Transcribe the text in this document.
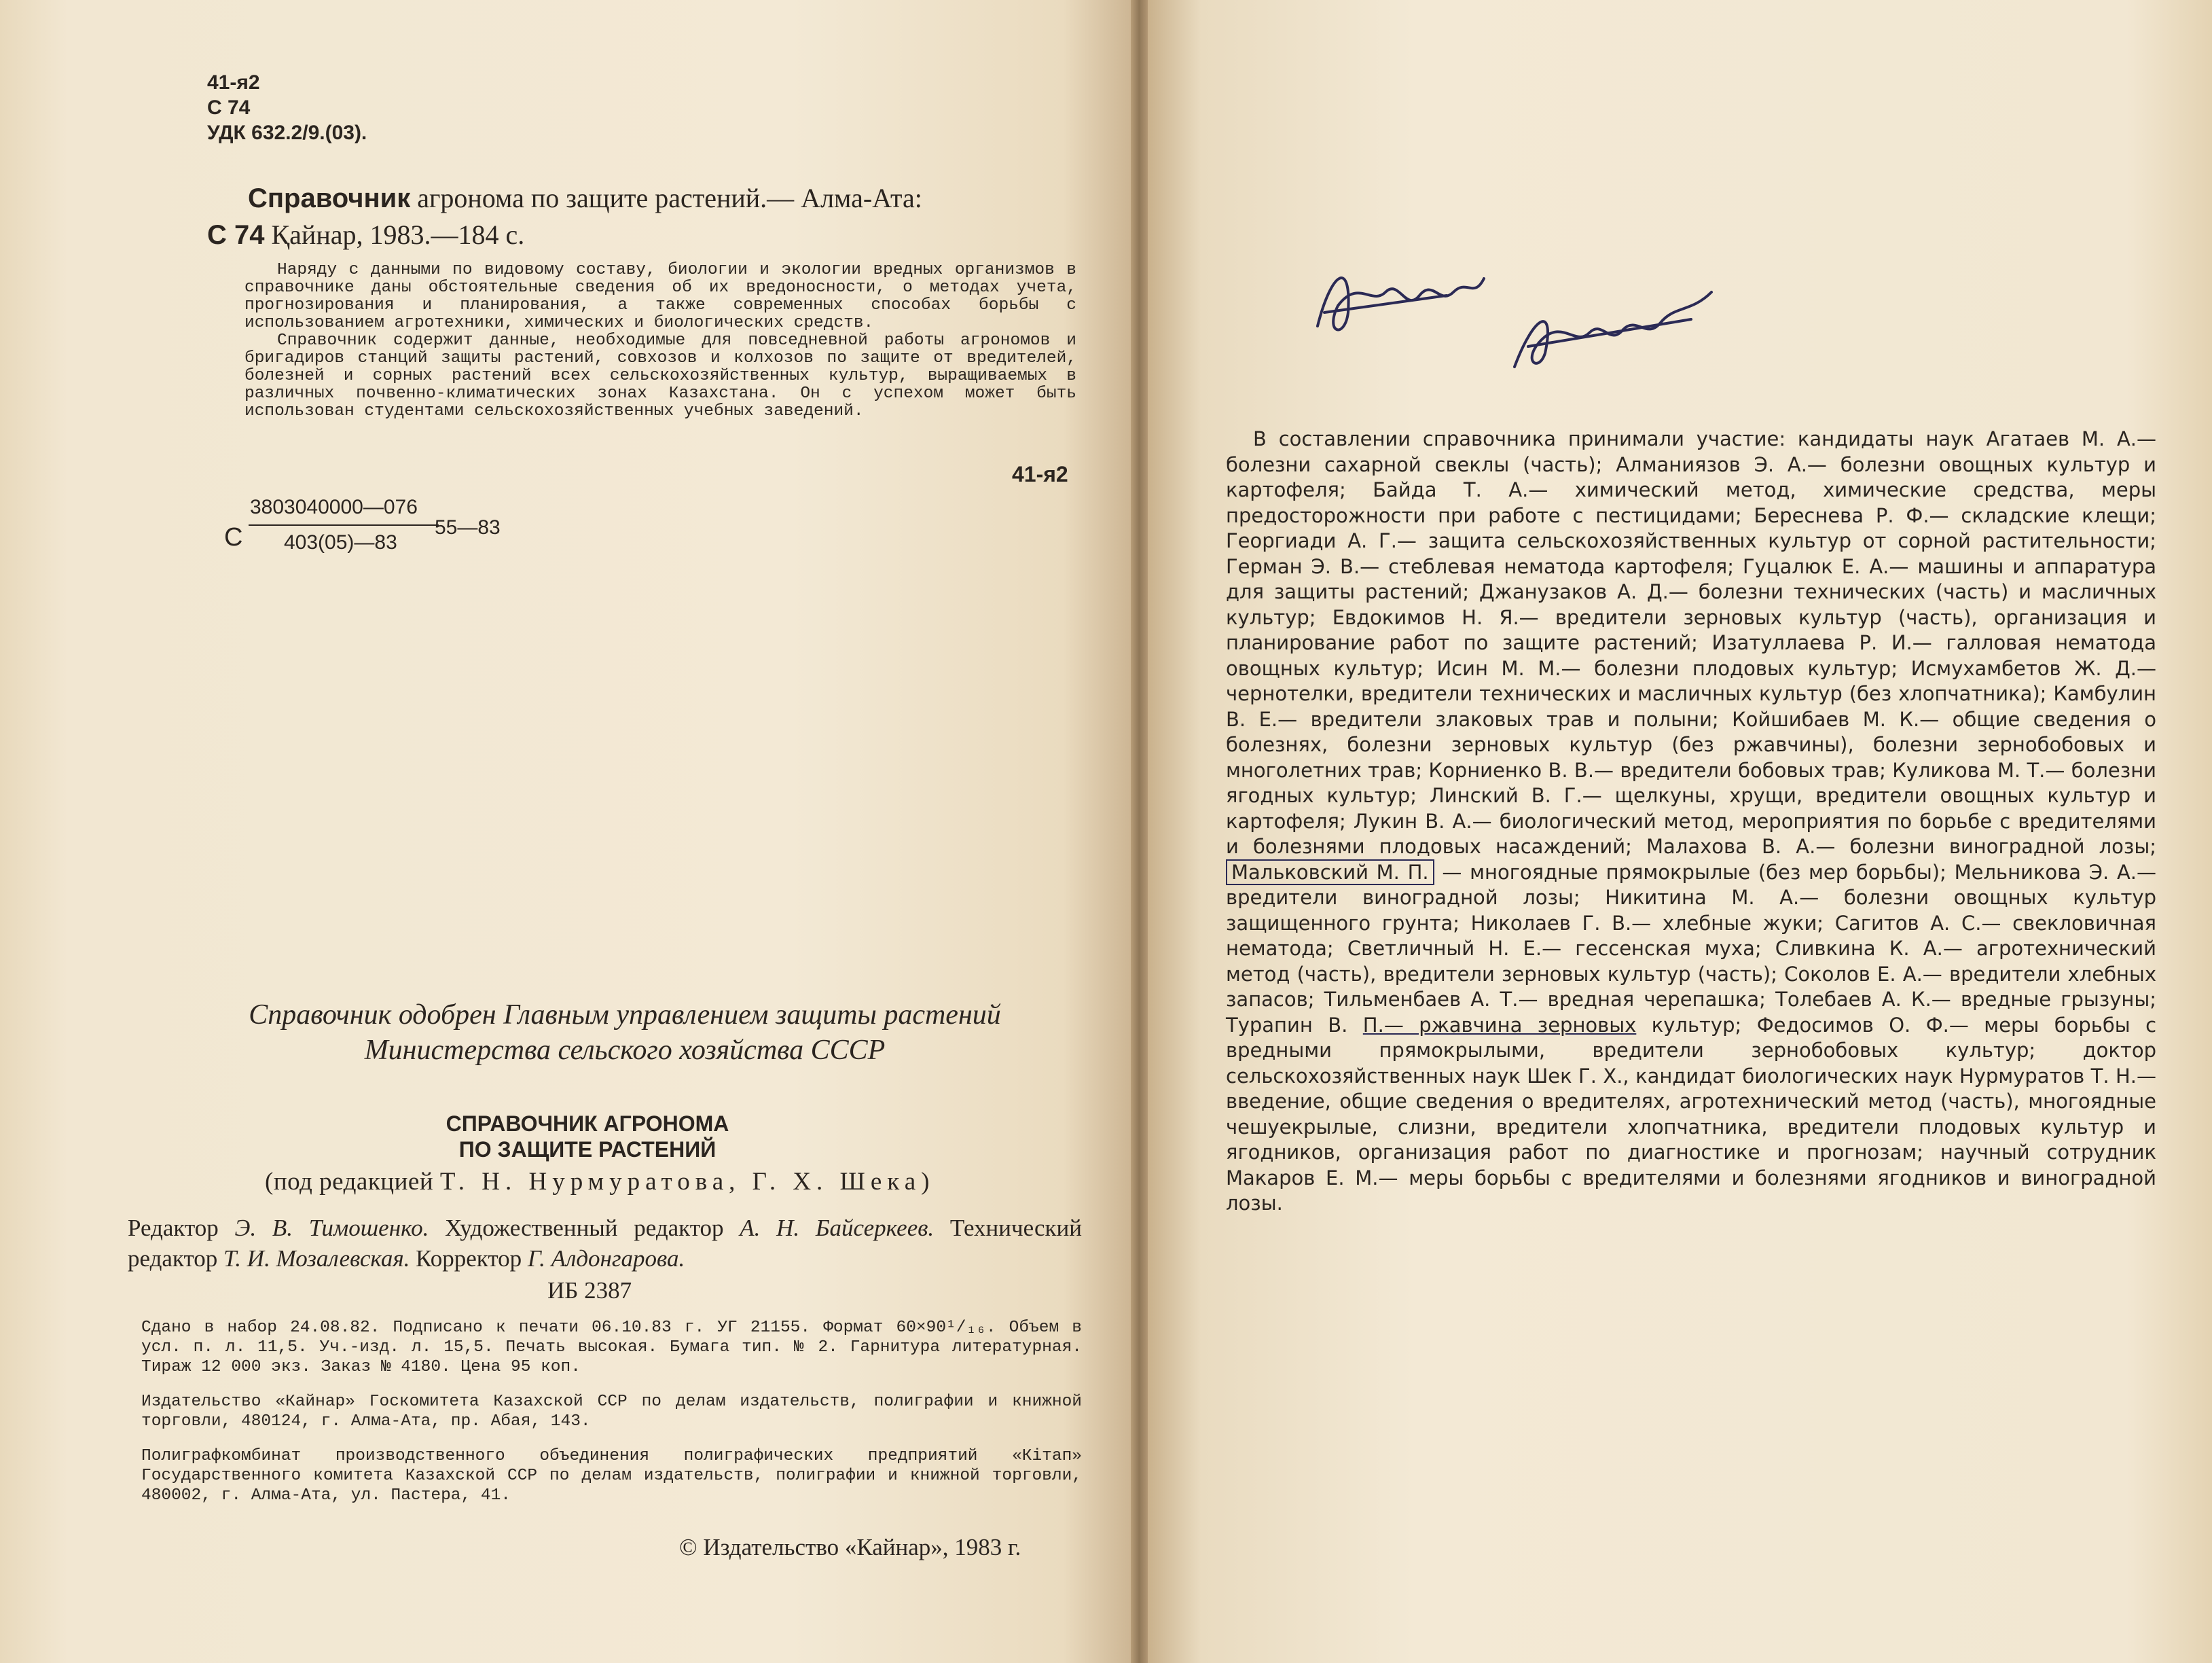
41-я2
С 74
УДК 632.2/9.(03).
Справочник агронома по защите растений.— Алма-Ата:
С 74 Қайнар, 1983.—184 с.

Наряду с данными по видовому составу, биологии и экологии вредных организмов в справочнике даны обстоятельные сведения об их вредоносности, о методах учета, прогнозирования и планирования, а также современных способах борьбы с использованием агротехники, химических и биологических средств.

Справочник содержит данные, необходимые для повседневной работы агрономов и бригадиров станций защиты растений, совхозов и колхозов по защите от вредителей, болезней и сорных растений всех сельскохозяйственных культур, выращиваемых в различных почвенно-климатических зонах Казахстана. Он с успехом может быть использован студентами сельскохозяйственных учебных заведений.

41-я2
С
3803040000—076
403(05)—83
55—83
Справочник одобрен Главным управлением защиты растений
Министерства сельского хозяйства СССР
СПРАВОЧНИК АГРОНОМА
ПО ЗАЩИТЕ РАСТЕНИЙ
(под редакцией Т. Н. Нурмуратова, Г. Х. Шека)
Редактор Э. В. Тимошенко. Художественный редактор А. Н. Байсеркеев. Технический редактор Т. И. Мозалевская. Корректор Г. Алдонгарова.
ИБ 2387

Сдано в набор 24.08.82. Подписано к печати 06.10.83 г. УГ 21155. Формат 60×90¹/₁₆. Объем в усл. п. л. 11,5. Уч.-изд. л. 15,5. Печать высокая. Бумага тип. № 2. Гарнитура литературная. Тираж 12 000 экз. Заказ № 4180. Цена 95 коп.

Издательство «Кайнар» Госкомитета Казахской ССР по делам издательств, полиграфии и книжной торговли, 480124, г. Алма-Ата, пр. Абая, 143.

Полиграфкомбинат производственного объединения полиграфических предприятий «Кітап» Государственного комитета Казахской ССР по делам издательств, полиграфии и книжной торговли, 480002, г. Алма-Ата, ул. Пастера, 41.

© Издательство «Кайнар», 1983 г.
В составлении справочника принимали участие: кандидаты наук Агатаев М. А.— болезни сахарной свеклы (часть); Алманиязов Э. А.— болезни овощных культур и картофеля; Байда Т. А.— химический метод, химические средства, меры предосторожности при работе с пестицидами; Береснева Р. Ф.— складские клещи; Георгиади А. Г.— защита сельскохозяйственных культур от сорной растительности; Герман Э. В.— стеблевая нематода картофеля; Гуцалюк Е. А.— машины и аппаратура для защиты растений; Джанузаков А. Д.— болезни технических (часть) и масличных культур; Евдокимов Н. Я.— вредители зерновых культур (часть), организация и планирование работ по защите растений; Изатуллаева Р. И.— галловая нематода овощных культур; Исин М. М.— болезни плодовых культур; Исмухамбетов Ж. Д.— чернотелки, вредители технических и масличных культур (без хлопчатника); Камбулин В. Е.— вредители злаковых трав и полыни; Койшибаев М. К.— общие сведения о болезнях, болезни зерновых культур (без ржавчины), болезни зернобобовых и многолетних трав; Корниенко В. В.— вредители бобовых трав; Куликова М. Т.— болезни ягодных культур; Линский В. Г.— щелкуны, хрущи, вредители овощных культур и картофеля; Лукин В. А.— биологический метод, мероприятия по борьбе с вредителями и болезнями плодовых насаждений; Малахова В. А.— болезни виноградной лозы; Мальковский М. П. — многоядные прямокрылые (без мер борьбы); Мельникова Э. А.— вредители виноградной лозы; Никитина М. А.— болезни овощных культур защищенного грунта; Николаев Г. В.— хлебные жуки; Сагитов А. С.— свекловичная нематода; Светличный Н. Е.— гессенская муха; Сливкина К. А.— агротехнический метод (часть), вредители зерновых культур (часть); Соколов Е. А.— вредители хлебных запасов; Тильменбаев А. Т.— вредная черепашка; Толебаев А. К.— вредные грызуны; Турапин В. П.— ржавчина зерновых культур; Федосимов О. Ф.— меры борьбы с вредными прямокрылыми, вредители зернобобовых культур; доктор сельскохозяйственных наук Шек Г. Х., кандидат биологических наук Нурмуратов Т. Н.—введение, общие сведения о вредителях, агротехнический метод (часть), многоядные чешуекрылые, слизни, вредители хлопчатника, вредители плодовых культур и ягодников, организация работ по диагностике и прогнозам; научный сотрудник Макаров Е. М.— меры борьбы с вредителями и болезнями ягодников и виноградной лозы.
